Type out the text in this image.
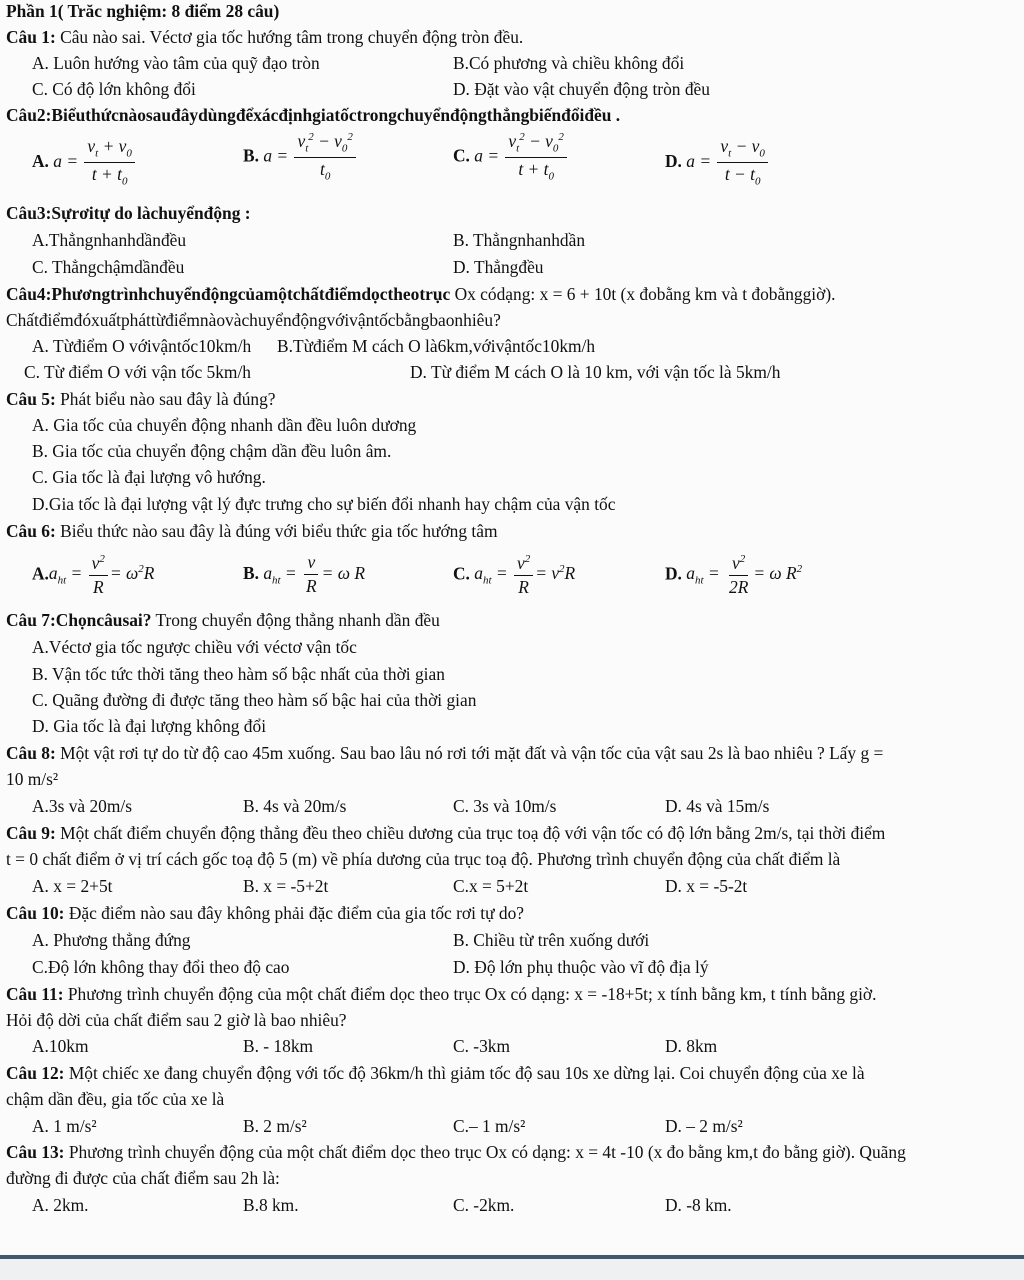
Phần 1( Trăc nghiệm: 8 điểm 28 câu)
Câu 1: Câu nào sai. Véctơ gia tốc hướng tâm trong chuyển động tròn đều.
A. Luôn hướng vào tâm của quỹ đạo tròn	B.Có phương và chiều không đổi
C. Có độ lớn không đổi	D. Đặt vào vật chuyển động tròn đều
Câu2:Biểuthứcnàosauđâydùngđểxácđịnhgiatốctrongchuyểnđộngthẳngbiếnđổiđều .
A. $a = \frac{v_t + v_0}{t + t_0}$	B. $a = \frac{v_t^2 - v_0^2}{t_0}$	C. $a = \frac{v_t^2 - v_0^2}{t + t_0}$	D. $a = \frac{v_t - v_0}{t - t_0}$
Câu3:Sựrơitự do làchuyểnđộng :
A.Thẳngnhanhdầnđều	B. Thẳngnhanhdần
C. Thẳngchậmdầnđều	D. Thẳngđều
Câu4:Phươngtrìnhchuyểnđộngcủamộtchấtđiểmdọctheotrục Ox códạng: x = 6 + 10t (x đobằng km và t đobằnggiờ).
Chấtđiểmđóxuấtpháttừđiểmnàovàchuyểnđộngvớivậntốcbằngbaonhiêu?
A. Từđiểm O vớivậntốc10km/h B.Từđiểm M cách O là6km,vớivậntốc10km/h
C. Từ điểm O với vận tốc 5km/h	D. Từ điểm M cách O là 10 km, với vận tốc là 5km/h
Câu 5: Phát biểu nào sau đây là đúng?
A. Gia tốc của chuyển động nhanh dần đều luôn dương
B. Gia tốc của chuyển động chậm dần đều luôn âm.
C. Gia tốc là đại lượng vô hướng.
D.Gia tốc là đại lượng vật lý đực trưng cho sự biến đổi nhanh hay chậm của vận tốc
Câu 6: Biểu thức nào sau đây là đúng với biểu thức gia tốc hướng tâm
$A.a_{ht} = \frac{v^2}{R} = \omega^2R$	B. $a_{ht} = \frac{v}{R} = \omega$ R	C. $a_{ht} = \frac{v^2}{R} = v^2R$	D. $a_{ht} = \frac{v^2}{2R} = \omega$ $R^2$
Câu 7:Chọncâusai? Trong chuyển động thẳng nhanh dần đều
A.Véctơ gia tốc ngược chiều với véctơ vận tốc
B. Vận tốc tức thời tăng theo hàm số bậc nhất của thời gian
C. Quãng đường đi được tăng theo hàm số bậc hai của thời gian
D. Gia tốc là đại lượng không đổi
Câu 8: Một vật rơi tự do từ độ cao 45m xuống. Sau bao lâu nó rơi tới mặt đất và vận tốc của vật sau 2s là bao nhiêu ? Lấy g =
10 m/s²
A.3s và 20m/s	B. 4s và 20m/s	C. 3s và 10m/s	D. 4s và 15m/s
Câu 9: Một chất điểm chuyển động thẳng đều theo chiều dương của trục toạ độ với vận tốc có độ lớn bằng 2m/s, tại thời điểm
t = 0 chất điểm ở vị trí cách gốc toạ độ 5 (m) về phía dương của trục toạ độ. Phương trình chuyển động của chất điểm là
A. x = 2+5t	B. x = -5+2t	C.x = 5+2t	D. x = -5-2t
Câu 10: Đặc điểm nào sau đây không phải đặc điểm của gia tốc rơi tự do?
A. Phương thẳng đứng	B. Chiều từ trên xuống dưới
C.Độ lớn không thay đổi theo độ cao	D. Độ lớn phụ thuộc vào vĩ độ địa lý
Câu 11: Phương trình chuyển động của một chất điểm dọc theo trục Ox có dạng: x = -18+5t; x tính bằng km, t tính bằng giờ.
Hỏi độ dời của chất điểm sau 2 giờ là bao nhiêu?
A.10km	B. - 18km	C. -3km	D. 8km
Câu 12: Một chiếc xe đang chuyển động với tốc độ 36km/h thì giảm tốc độ sau 10s xe dừng lại. Coi chuyển động của xe là
chậm dần đều, gia tốc của xe là
A. 1 m/s²	B. 2 m/s²	C.– 1 m/s²	D. – 2 m/s²
Câu 13: Phương trình chuyển động của một chất điểm dọc theo trục Ox có dạng: x = 4t -10 (x đo bằng km,t đo bằng giờ). Quãng
đường đi được của chất điểm sau 2h là:
A. 2km.	B.8 km.	C. -2km.	D. -8 km.
